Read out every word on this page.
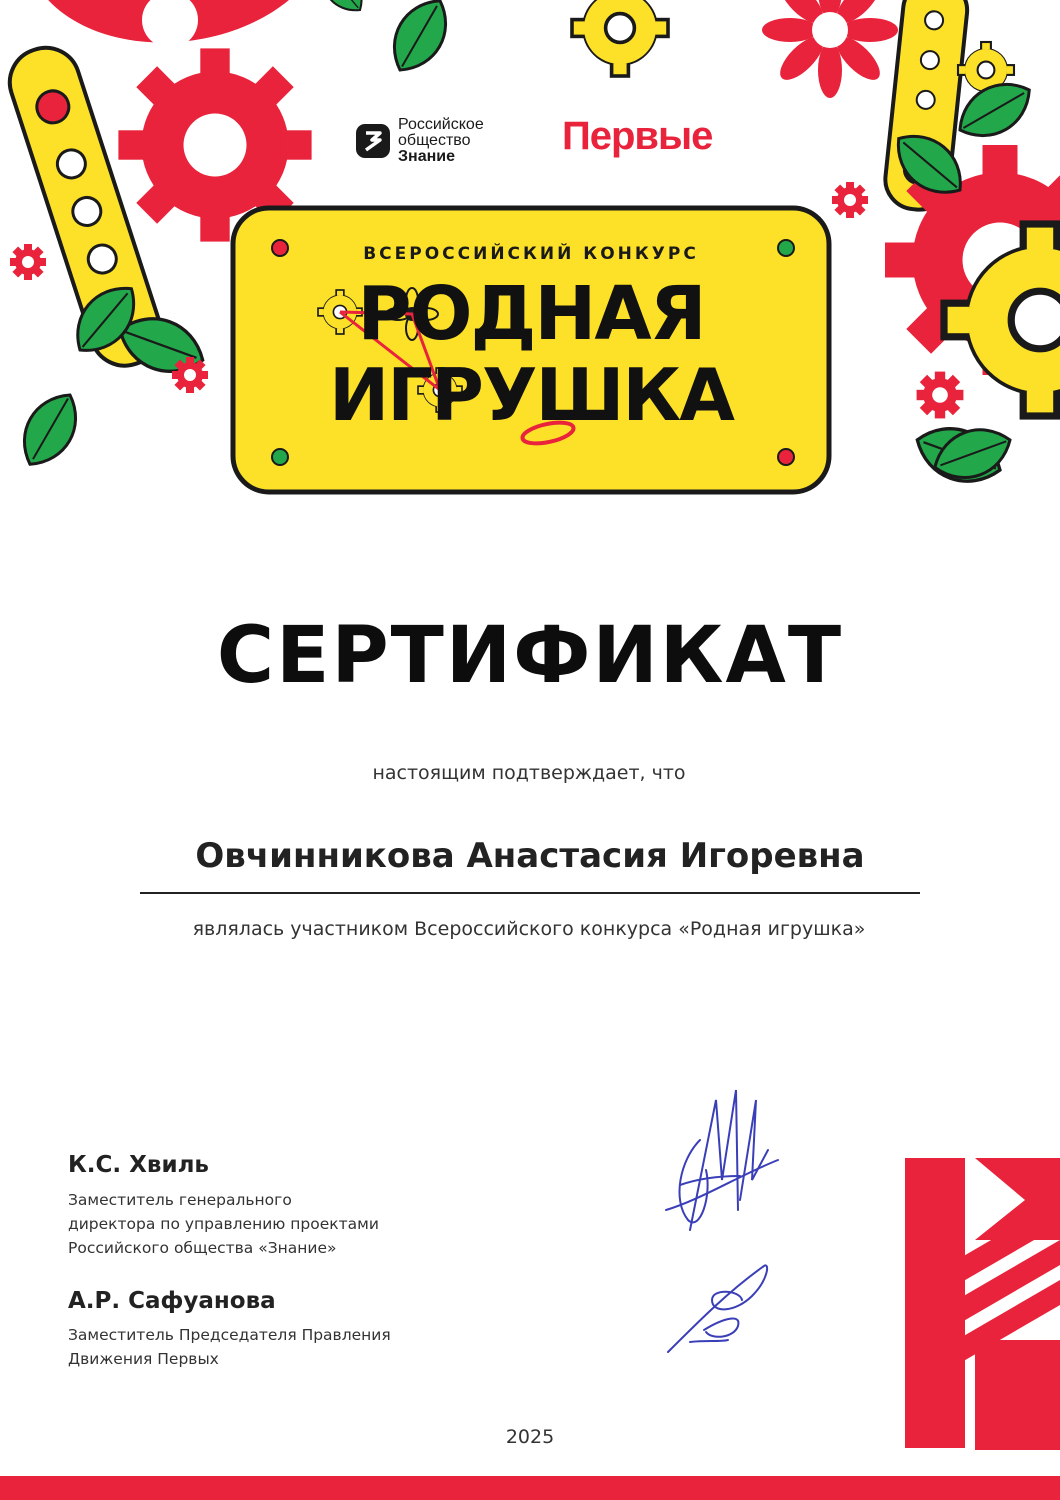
Российское
общество
Знание	Первые
ВСЕРОССИЙСКИЙ КОНКУРС
РОДНАЯ
ИГРУШКА
СЕРТИФИКАТ
настоящим подтверждает, что
Овчинникова Анастасия Игоревна
являлась участником Всероссийского конкурса «Родная игрушка»
К.С. Хвиль
Заместитель генерального
директора по управлению проектами
Российского общества «Знание»
А.Р. Сафуанова
Заместитель Председателя Правления
Движения Первых
2025
